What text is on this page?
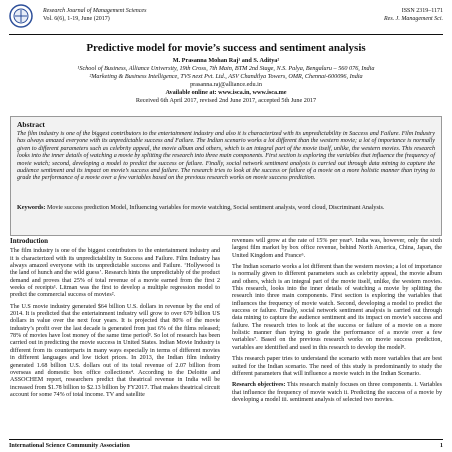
Research Journal of Management Sciences
Vol. 6(6), 1-19, June (2017)
ISSN 2319–1171
Res. J. Management Sci.
Predictive model for movie’s success and sentiment analysis
M. Prasanna Mohan Raj¹ and S. Aditya²
¹School of Business, Alliance University, 19th Cross, 7th Main, BTM 2nd Stage, N.S. Palya, Bengaluru – 560 076, India
²Marketing & Business Intelligence, TVS next Pvt. Ltd., ASV Chandilya Towers, OMR, Chennai-600096, India
prasanna.raj@alliance.edu.in
Available online at: www.isca.in, www.isca.me
Received 6th April 2017, revised 2nd June 2017, accepted 5th June 2017
Abstract
The film industry is one of the biggest contributors to the entertainment industry and also it is characterized with its unpredictability in Success and Failure. Film Industry has always amazed everyone with its unpredictable success and Failure. The Indian scenario works a lot different than the western movie; a lot of importance is normally given to different parameters such as celebrity appeal, the movie album and others, which is an integral part of the movie itself, unlike, the western movies. This research looks into the inner details of watching a movie by splitting the research into three main components. First section is exploring the variables that influence the frequency of movie watch; second, developing a model to predict the success or failure. Finally, social network sentiment analysis is carried out through data mining to capture the audience sentiment and its impact on movie’s success and failure. The research tries to look at the success or failure of a movie on a more holistic manner than trying to grade the performance of a movie over a few variables based on the previous research works on movie success prediction.
Keywords: Movie success prediction Model, Influencing variables for movie watching, Social sentiment analysis, word cloud, Discriminant Analysis.
Introduction

The film industry is one of the biggest contributors to the entertainment industry and it is characterized with its unpredictability in Success and Failure. Film Industry has always amazed everyone with its unpredictable success and Failure. ‘Hollywood is the land of hunch and the wild guess’. Research hints the unpredictably of the product demand and proves that 25% of total revenue of a movie earned from the first 2 weeks of receipts¹. Litman was the first to develop a multiple regression model to predict the commercial success of movies².

The U.S movie industry generated $64 billion U.S. dollars in revenue by the end of 2014. It is predicted that the entertainment industry will grow to over 679 billion US dollars in value over the next four years. It is projected that 80% of the movie industry’s profit over the last decade is generated from just 6% of the films released; 78% of movies have lost money of the same time period³. So lot of research has been carried out in predicting the movie success in United States. Indian Movie Industry is different from its counterparts in many ways especially in terms of different movies in different languages and low ticket prices. In 2013, the Indian film industry generated 1.68 billion U.S. dollars out of its total revenue of 2.07 billion from overseas and domestic box office collections⁴. According to the Deloitte and ASSOCHEM report, researchers predict that theatrical revenue in India will be increased from $1.78 billion to $2.13 billion by FY2017. That makes theatrical circuit account for some 74% of total income. TV and satellite

revenues will grow at the rate of 15% per year⁵. India was, however, only the sixth largest film market by box office revenue, behind North America, China, Japan, the United Kingdom and France⁶.

The Indian scenario works a lot different than the western movies; a lot of importance is normally given to different parameters such as celebrity appeal, the movie album and others, which is an integral part of the movie itself, unlike, the western movies. This research, looks into the inner details of watching a movie by splitting the research into three main components. First section is exploring the variables that influences the frequency of movie watch. Second, developing a model to predict the success or failure. Finally, social network sentiment analysis is carried out through data mining to capture the audience sentiment and its impact on movie’s success and failure. The research tries to look at the success or failure of a movie on a more holistic manner than trying to grade the performance of a movie over a few variables⁷. Based on the previous research works on movie success prediction, variables are identified and used in this research to develop the model⁸.

This research paper tries to understand the scenario with more variables that are best suited for the Indian scenario. The need of this study is predominantly to study the different parameters that will influence a movie watch in the Indian Scenario.

Research objectives: This research mainly focuses on three components. i. Variables that influence the frequency of movie watch ii. Predicting the success of a movie by developing a model iii. sentiment analysis of selected two movies.

International Science Community Association	1
